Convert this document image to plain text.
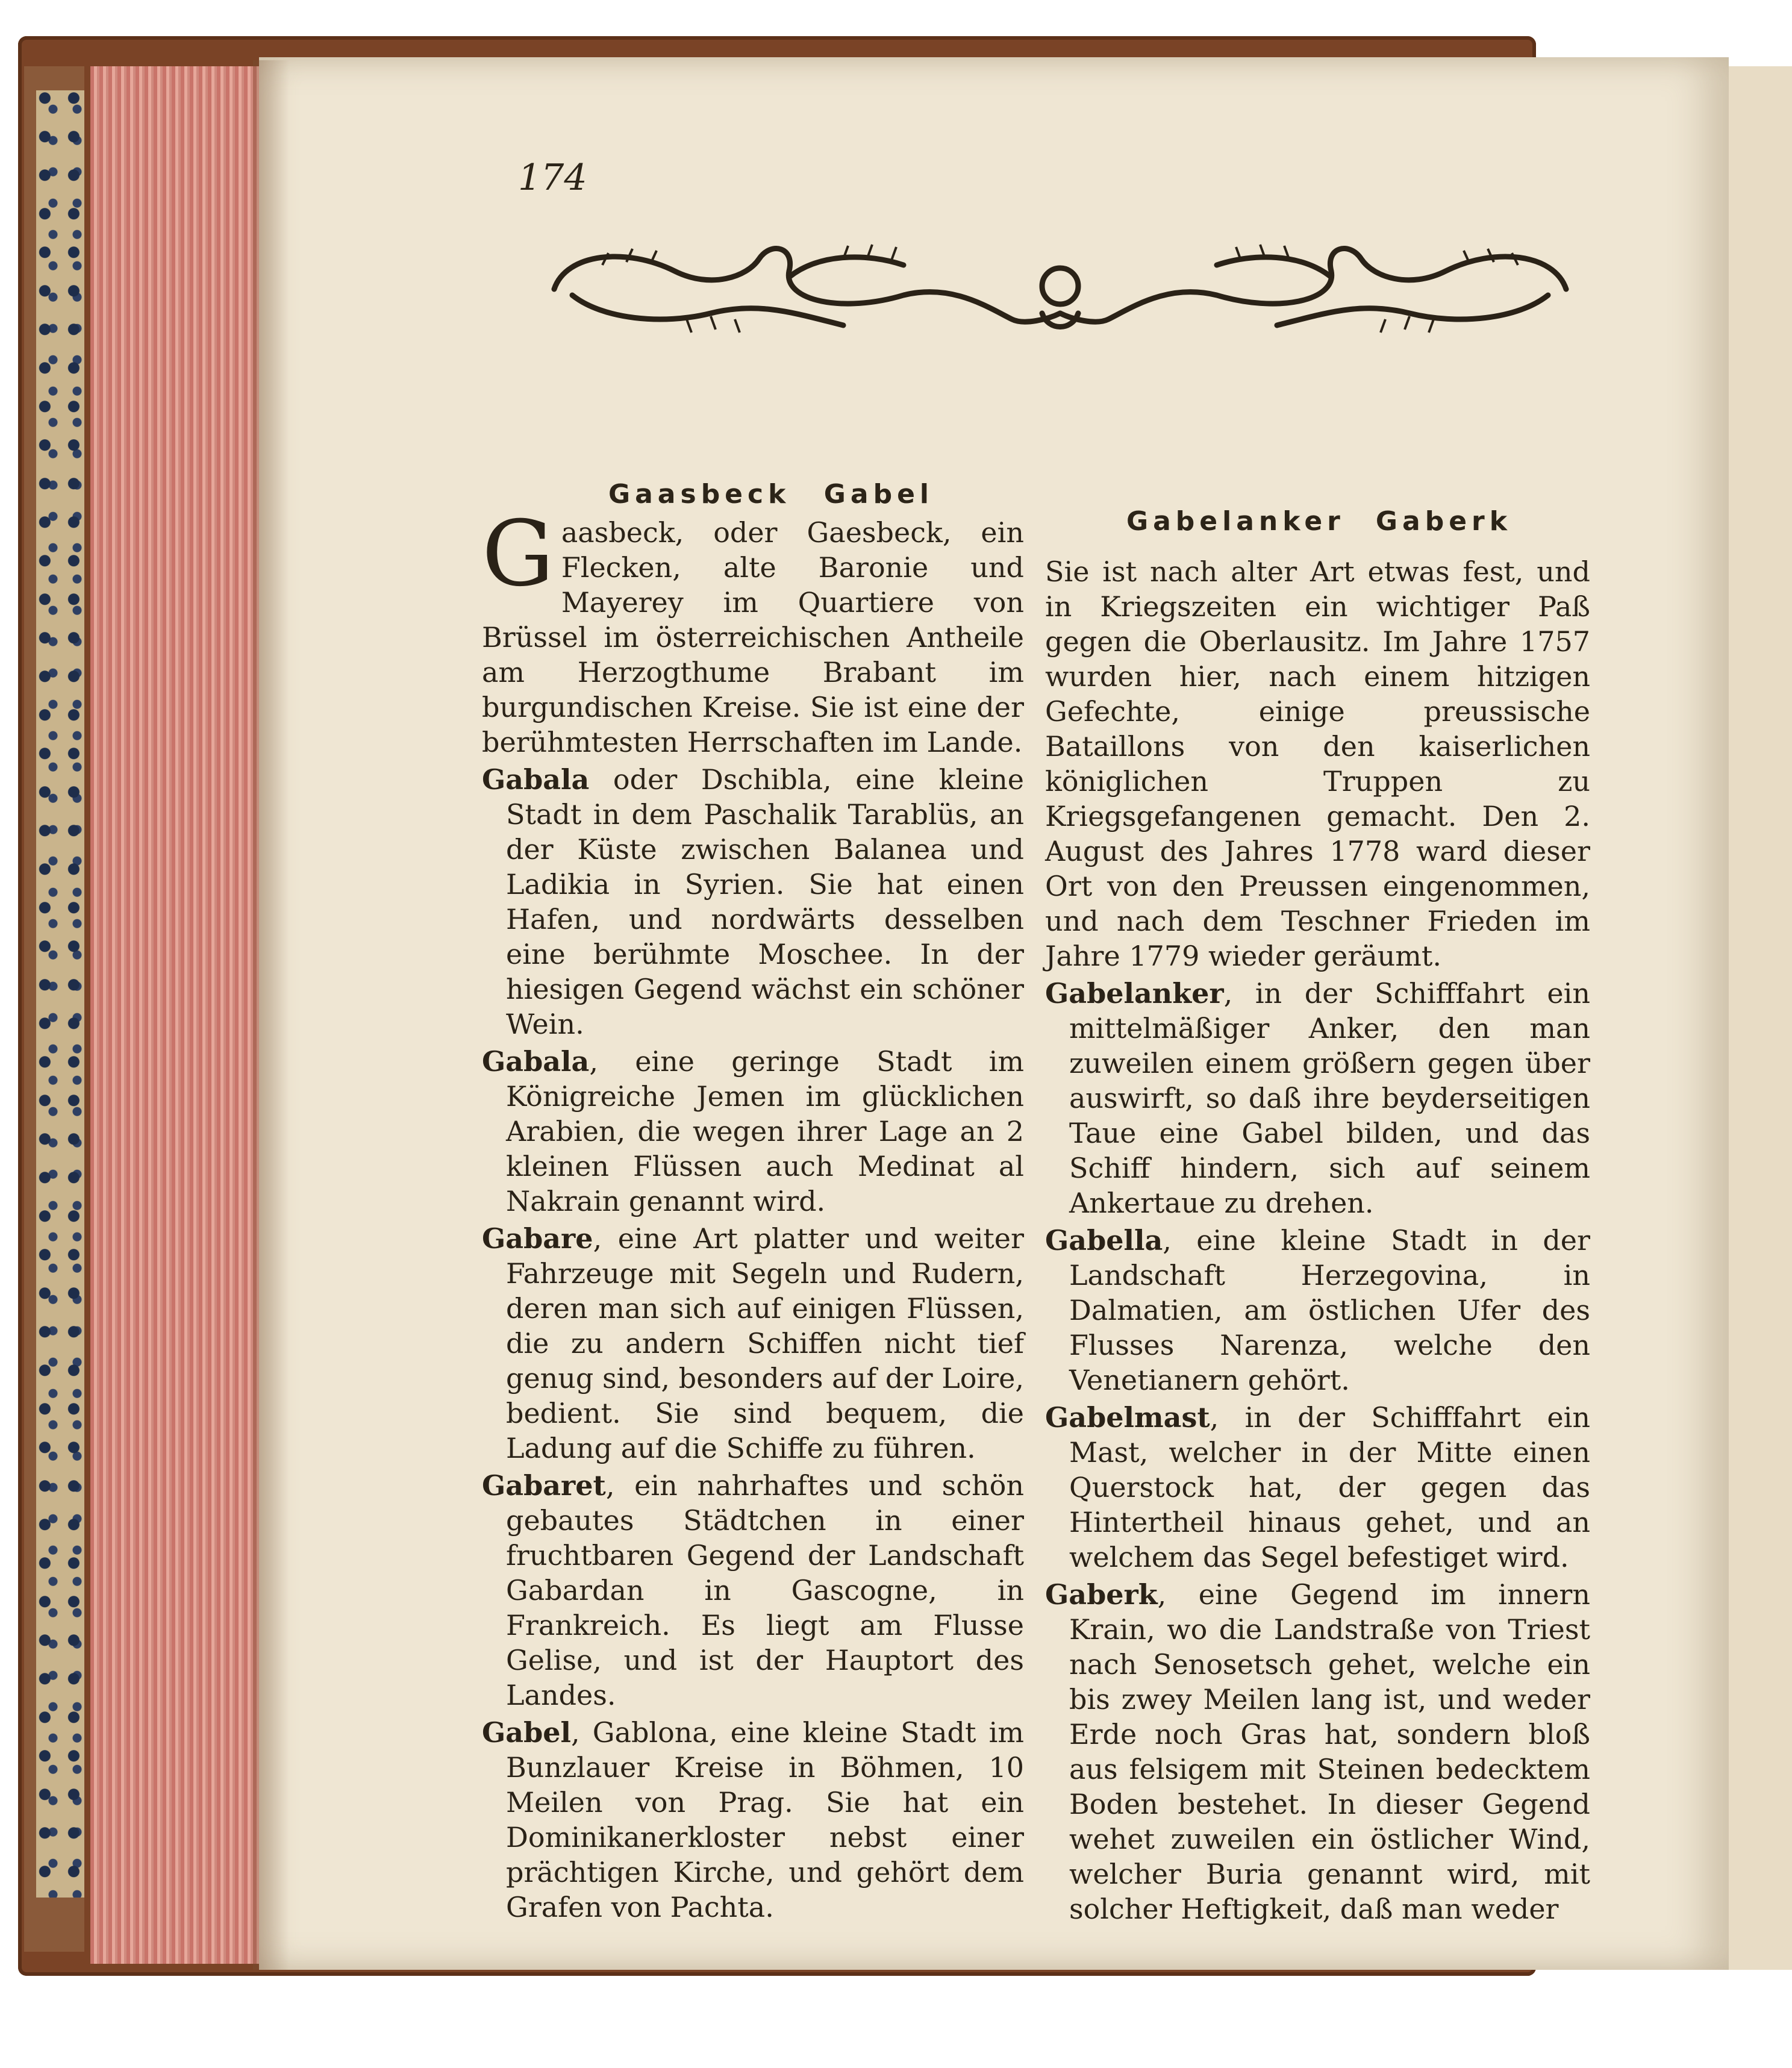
174
Gaasbeck Gabel
Gabelanker Gaberk

Gaasbeck, oder Gaesbeck, ein Flecken, alte Baronie und Mayerey im Quartiere von Brüssel im österreichischen Antheile am Herzogthume Brabant im burgundischen Kreise. Sie ist eine der berühmtesten Herrschaften im Lande.

Gabala oder Dschibla, eine kleine Stadt in dem Paschalik Tarablüs, an der Küste zwischen Balanea und Ladikia in Syrien. Sie hat einen Hafen, und nordwärts desselben eine berühmte Moschee. In der hiesigen Gegend wächst ein schöner Wein.

Gabala, eine geringe Stadt im Königreiche Jemen im glücklichen Arabien, die wegen ihrer Lage an 2 kleinen Flüssen auch Medinat al Nakrain genannt wird.

Gabare, eine Art platter und weiter Fahrzeuge mit Segeln und Rudern, deren man sich auf einigen Flüssen, die zu andern Schiffen nicht tief genug sind, besonders auf der Loire, bedient. Sie sind bequem, die Ladung auf die Schiffe zu führen.

Gabaret, ein nahrhaftes und schön gebautes Städtchen in einer fruchtbaren Gegend der Landschaft Gabardan in Gascogne, in Frankreich. Es liegt am Flusse Gelise, und ist der Hauptort des Landes.

Gabel, Gablona, eine kleine Stadt im Bunzlauer Kreise in Böhmen, 10 Meilen von Prag. Sie hat ein Dominikanerkloster nebst einer prächtigen Kirche, und gehört dem Grafen von Pachta.

Sie ist nach alter Art etwas fest, und in Kriegszeiten ein wichtiger Paß gegen die Oberlausitz. Im Jahre 1757 wurden hier, nach einem hitzigen Gefechte, einige preussische Bataillons von den kaiserlichen königlichen Truppen zu Kriegsgefangenen gemacht. Den 2. August des Jahres 1778 ward dieser Ort von den Preussen eingenommen, und nach dem Teschner Frieden im Jahre 1779 wieder geräumt.

Gabelanker, in der Schifffahrt ein mittelmäßiger Anker, den man zuweilen einem größern gegen über auswirft, so daß ihre beyderseitigen Taue eine Gabel bilden, und das Schiff hindern, sich auf seinem Ankertaue zu drehen.

Gabella, eine kleine Stadt in der Landschaft Herzegovina, in Dalmatien, am östlichen Ufer des Flusses Narenza, welche den Venetianern gehört.

Gabelmast, in der Schifffahrt ein Mast, welcher in der Mitte einen Querstock hat, der gegen das Hintertheil hinaus gehet, und an welchem das Segel befestiget wird.

Gaberk, eine Gegend im innern Krain, wo die Landstraße von Triest nach Senosetsch gehet, welche ein bis zwey Meilen lang ist, und weder Erde noch Gras hat, sondern bloß aus felsigem mit Steinen bedecktem Boden bestehet. In dieser Gegend wehet zuweilen ein östlicher Wind, welcher Buria genannt wird, mit solcher Heftigkeit, daß man weder
